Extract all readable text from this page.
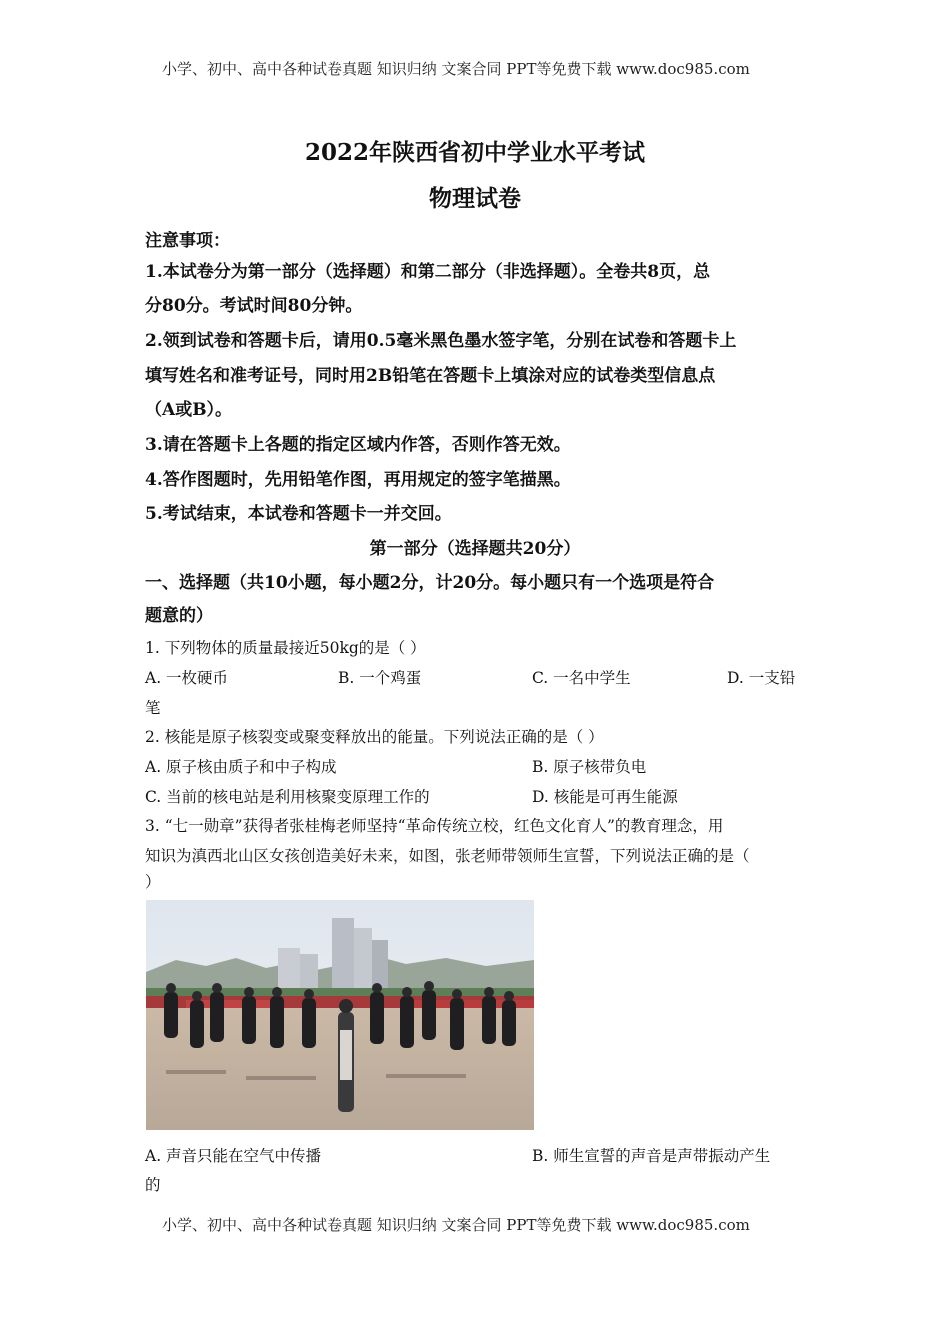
小学、初中、高中各种试卷真题 知识归纳 文案合同 PPT等免费下载 www.doc985.com
2022年陕西省初中学业水平考试
物理试卷
注意事项：
1.本试卷分为第一部分（选择题）和第二部分（非选择题）。全卷共8页，总
分80分。考试时间80分钟。
2.领到试卷和答题卡后，请用0.5毫米黑色墨水签字笔，分别在试卷和答题卡上
填写姓名和准考证号，同时用2B铅笔在答题卡上填涂对应的试卷类型信息点
（A或B）。
3.请在答题卡上各题的指定区域内作答，否则作答无效。
4.答作图题时，先用铅笔作图，再用规定的签字笔描黑。
5.考试结束，本试卷和答题卡一并交回。
第一部分（选择题共20分）
一、选择题（共10小题，每小题2分，计20分。每小题只有一个选项是符合
题意的）
1. 下列物体的质量最接近50kg的是（ ）
A. 一枚硬币	B. 一个鸡蛋	C. 一名中学生	D. 一支铅
笔
2. 核能是原子核裂变或聚变释放出的能量。下列说法正确的是（ ）
A. 原子核由质子和中子构成	B. 原子核带负电
C. 当前的核电站是利用核聚变原理工作的	D. 核能是可再生能源
3. “七一勋章”获得者张桂梅老师坚持“革命传统立校，红色文化育人”的教育理念，用
知识为滇西北山区女孩创造美好未来，如图，张老师带领师生宣誓，下列说法正确的是（
）
A. 声音只能在空气中传播	B. 师生宣誓的声音是声带振动产生
的
小学、初中、高中各种试卷真题 知识归纳 文案合同 PPT等免费下载 www.doc985.com
